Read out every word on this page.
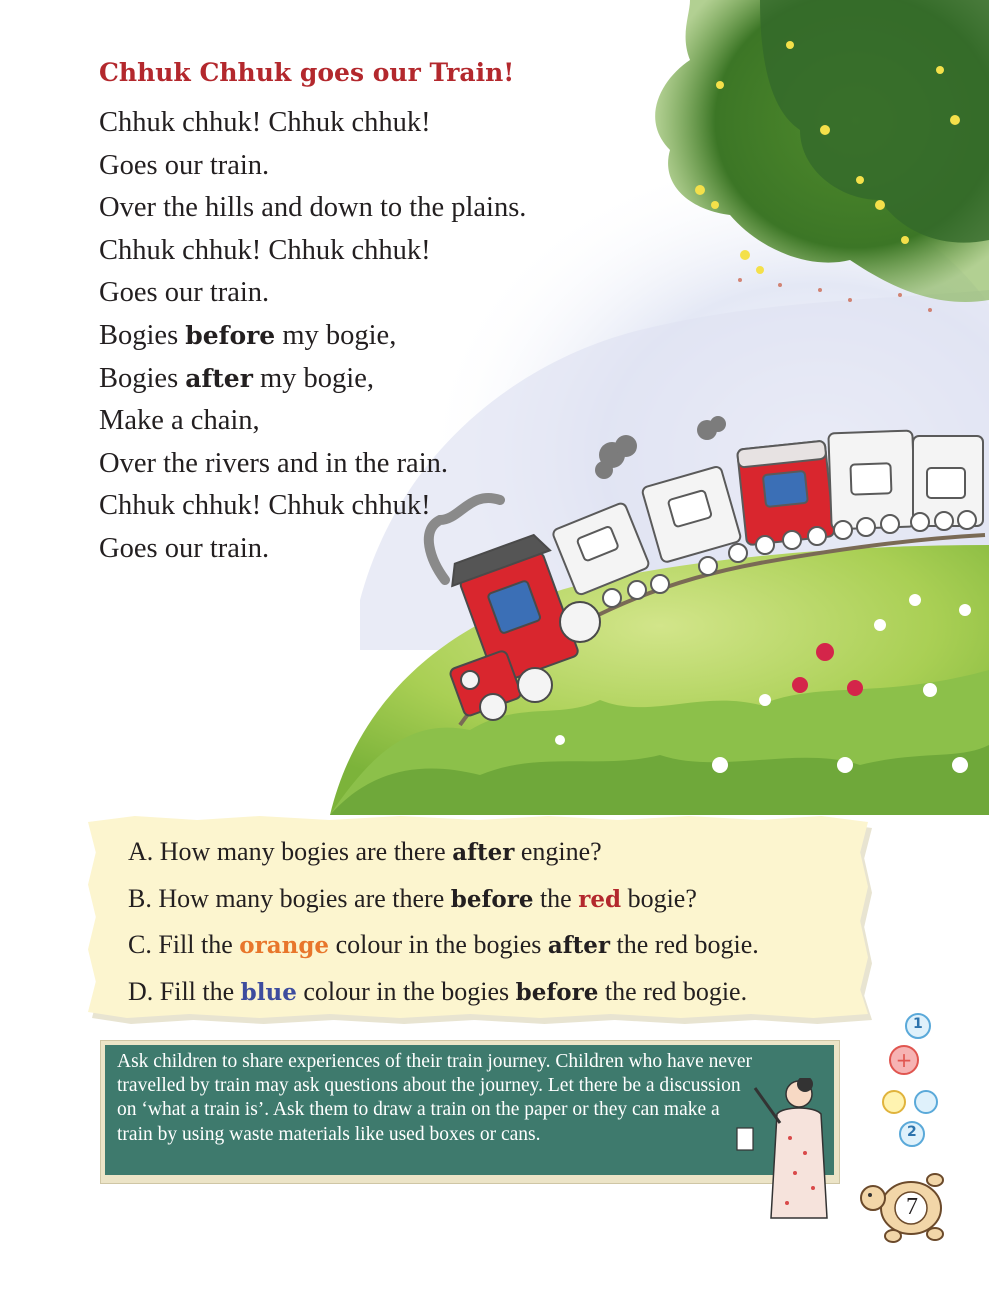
Chhuk Chhuk goes our Train!
Chhuk chhuk! Chhuk chhuk!
Goes our train.
Over the hills and down to the plains.
Chhuk chhuk! Chhuk chhuk!
Goes our train.
Bogies before my bogie,
Bogies after my bogie,
Make a chain,
Over the rivers and in the rain.
Chhuk chhuk! Chhuk chhuk!
Goes our train.
A. How many bogies are there after engine?
B. How many bogies are there before the red bogie?
C. Fill the orange colour in the bogies after the red bogie.
D. Fill the blue colour in the bogies before the red bogie.

Ask children to share experiences of their train journey. Children who have never travelled by train may ask questions about the journey. Let there be a discussion on ‘what a train is’. Ask them to draw a train on the paper or they can make a train by using waste materials like used boxes or cans.

+
1
2
7
